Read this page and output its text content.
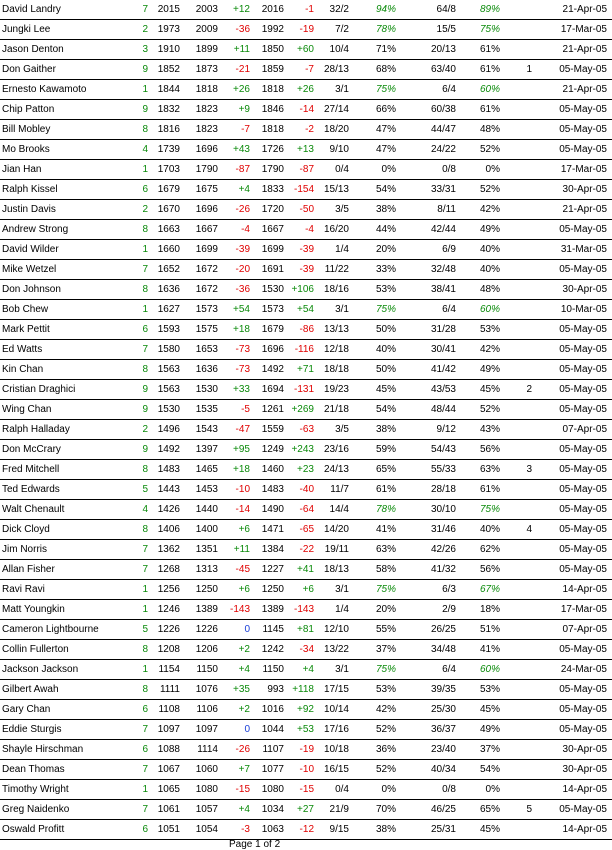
David Landry	7 2015	2003	+12	2016	-1	32/2	94%	64/8	89%	21-Apr-05
Jungki Lee	2 1973	2009	-36	1992	-19	7/2	78%	15/5	75%	17-Mar-05
Jason Denton	3 1910	1899	+11	1850	+60	10/4	71%	20/13	61%	21-Apr-05
Don Gaither	9 1852	1873	-21	1859	-7 28/13	68%	63/40	61%	1	05-May-05
Ernesto Kawamoto	1 1844	1818	+26	1818	+26	3/1	75%	6/4	60%	21-Apr-05
Chip Patton	9 1832	1823	+9	1846	-14 27/14	66%	60/38	61%	05-May-05
Bill Mobley	8 1816	1823	-7	1818	-2 18/20	47%	44/47	48%	05-May-05
Mo Brooks	4 1739	1696	+43	1726	+13	9/10	47%	24/22	52%	05-May-05
Jian Han	1 1703	1790	-87	1790	-87	0/4	0%	0/8	0%	17-Mar-05
Ralph Kissel	6 1679	1675	+4	1833 -154 15/13	54%	33/31	52%	30-Apr-05
Justin Davis	2 1670	1696	-26	1720	-50	3/5	38%	8/11	42%	21-Apr-05
Andrew Strong	8 1663	1667	-4	1667	-4 16/20	44%	42/44	49%	05-May-05
David Wilder	1 1660	1699	-39	1699	-39	1/4	20%	6/9	40%	31-Mar-05
Mike Wetzel	7 1652	1672	-20	1691	-39	11/22	33%	32/48	40%	05-May-05
Don Johnson	8 1636	1672	-36	1530 +106 18/16	53%	38/41	48%	30-Apr-05
Bob Chew	1 1627	1573	+54	1573	+54	3/1	75%	6/4	60%	10-Mar-05
Mark Pettit	6 1593	1575	+18	1679	-86 13/13	50%	31/28	53%	05-May-05
Ed Watts	7 1580	1653	-73	1696	-116 12/18	40%	30/41	42%	05-May-05
Kin Chan	8 1563	1636	-73	1492	+71 18/18	50%	41/42	49%	05-May-05
Cristian Draghici	9 1563	1530	+33	1694 -131 19/23	45%	43/53	45%	2	05-May-05
Wing Chan	9 1530	1535	-5	1261 +269 21/18	54%	48/44	52%	05-May-05
Ralph Halladay	2 1496	1543	-47	1559	-63	3/5	38%	9/12	43%	07-Apr-05
Don McCrary	9 1492	1397	+95	1249 +243 23/16	59%	54/43	56%	05-May-05
Fred Mitchell	8 1483	1465	+18	1460	+23 24/13	65%	55/33	63%	3	05-May-05
Ted Edwards	5 1443	1453	-10	1483	-40	11/7	61%	28/18	61%	05-May-05
Walt Chenault	4 1426	1440	-14	1490	-64	14/4	78%	30/10	75%	05-May-05
Dick Cloyd	8 1406	1400	+6	1471	-65 14/20	41%	31/46	40%	4	05-May-05
Jim Norris	7 1362	1351	+11	1384	-22	19/11	63%	42/26	62%	05-May-05
Allan Fisher	7 1268	1313	-45	1227	+41 18/13	58%	41/32	56%	05-May-05
Ravi Ravi	1 1256	1250	+6	1250	+6	3/1	75%	6/3	67%	14-Apr-05
Matt Youngkin	1 1246	1389	-143	1389 -143	1/4	20%	2/9	18%	17-Mar-05
Cameron Lightbourne	5 1226	1226	0	1145	+81 12/10	55%	26/25	51%	07-Apr-05
Collin Fullerton	8 1208	1206	+2	1242	-34 13/22	37%	34/48	41%	05-May-05
Jackson Jackson	1	1154	1150	+4	1150	+4	3/1	75%	6/4	60%	24-Mar-05
Gilbert Awah	8	1111	1076	+35	993 +118 17/15	53%	39/35	53%	05-May-05
Gary Chan	6	1108	1106	+2	1016	+92 10/14	42%	25/30	45%	05-May-05
Eddie Sturgis	7 1097	1097	0	1044	+53 17/16	52%	36/37	49%	05-May-05
Shayle Hirschman	6 1088	1114	-26	1107	-19 10/18	36%	23/40	37%	30-Apr-05
Dean Thomas	7 1067	1060	+7	1077	-10 16/15	52%	40/34	54%	30-Apr-05
Timothy Wright	1 1065	1080	-15	1080	-15	0/4	0%	0/8	0%	14-Apr-05
Greg Naidenko	7 1061	1057	+4	1034	+27	21/9	70%	46/25	65%	5	05-May-05
Oswald Profitt	6 1051	1054	-3	1063	-12	9/15	38%	25/31	45%	14-Apr-05
Page 1 of 2
